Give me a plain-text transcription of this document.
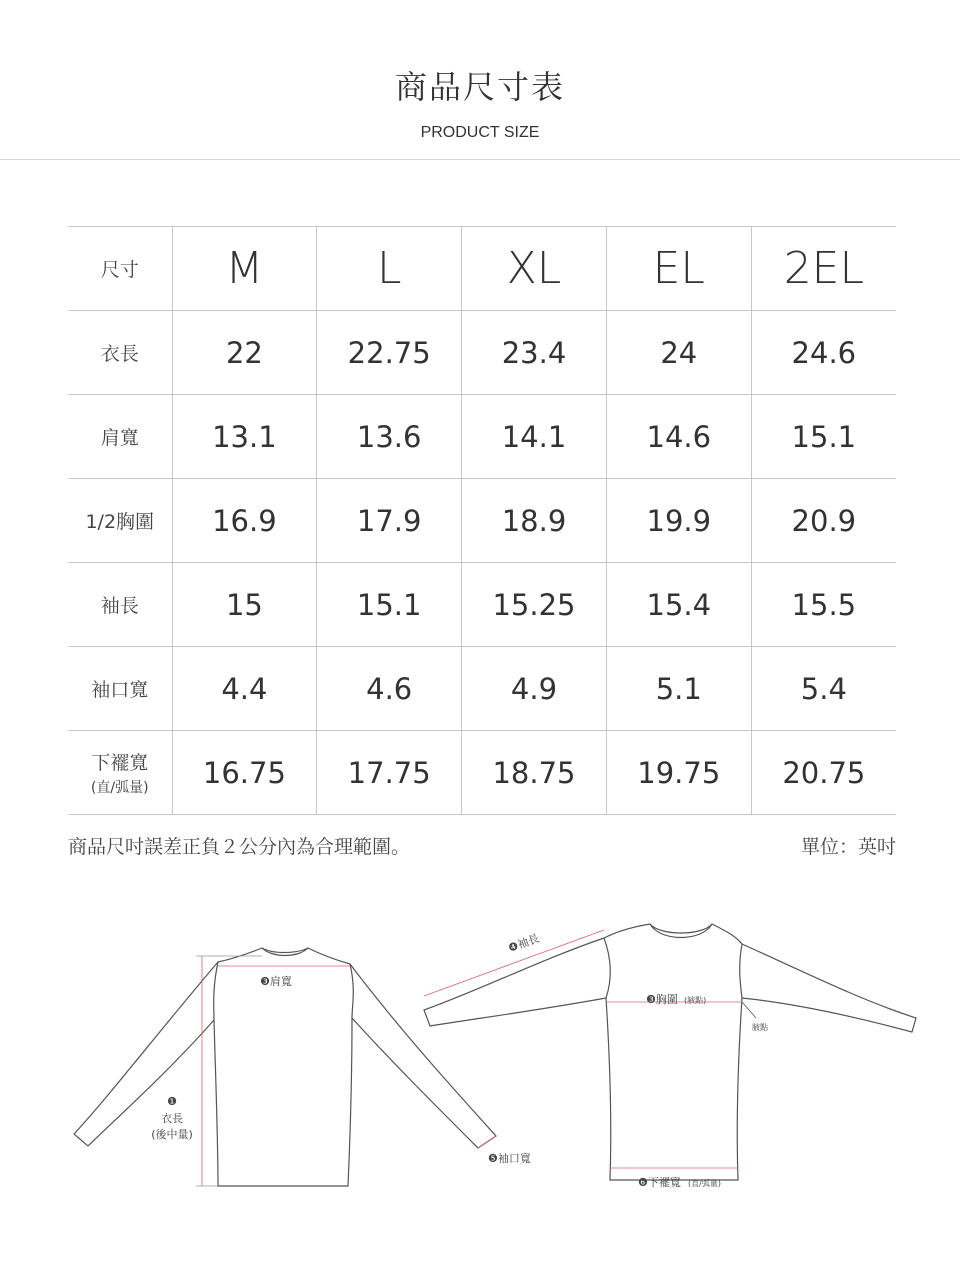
商品尺寸表
PRODUCT SIZE
尺寸	M	L	XL	EL	2EL
衣長	22	22.75	23.4	24	24.6
肩寬	13.1	13.6	14.1	14.6	15.1
1/2胸圍	16.9	17.9	18.9	19.9	20.9
袖長	15	15.1	15.25	15.4	15.5
袖口寬	4.4	4.6	4.9	5.1	5.4
下襬寬
(直/弧量)	16.75	17.75	18.75	19.75	20.75
商品尺吋誤差正負２公分內為合理範圍。	單位：英吋
❸肩寬
❶
衣長
(後中量)
❺袖口寬
❹袖長
❸胸圍 (腋點)
腋點
❻下襬寬 (直/弧量)
